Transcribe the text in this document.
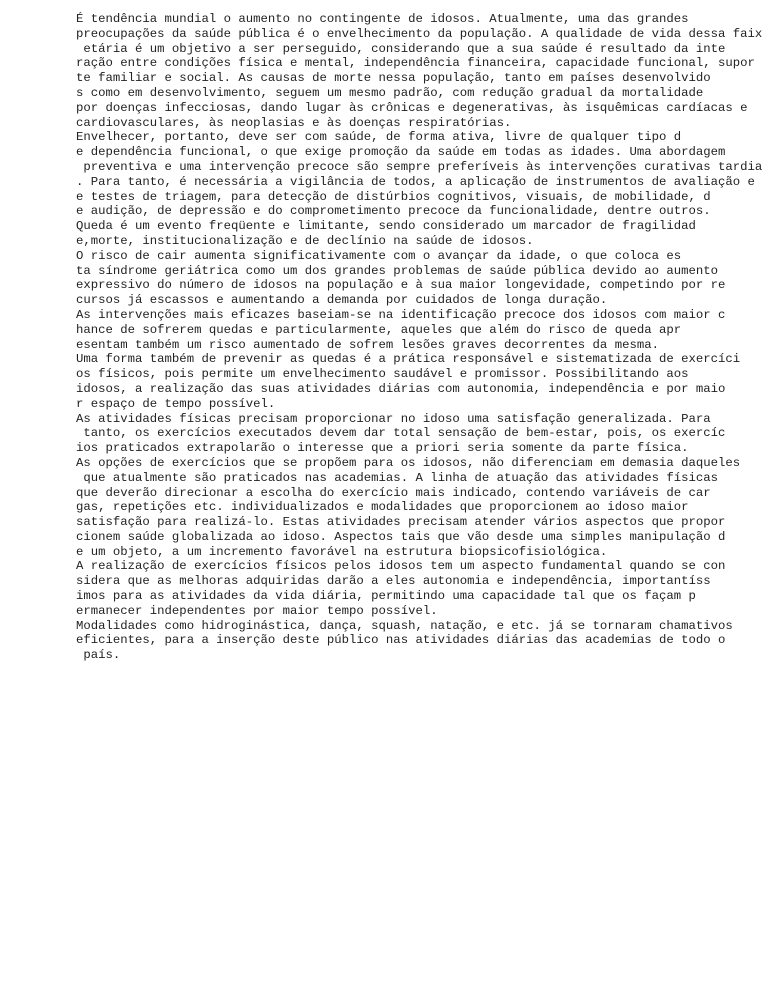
É tendência mundial o aumento no contingente de idosos. Atualmente, uma das grandes
preocupações da saúde pública é o envelhecimento da população. A qualidade de vida dessa faix
etária é um objetivo a ser perseguido, considerando que a sua saúde é resultado da inte
ração entre condições física e mental, independência financeira, capacidade funcional, supor
te familiar e social. As causas de morte nessa população, tanto em países desenvolvido
s como em desenvolvimento, seguem um mesmo padrão, com redução gradual da mortalidade
por doenças infecciosas, dando lugar às crônicas e degenerativas, às isquêmicas cardíacas e
cardiovasculares, às neoplasias e às doenças respiratórias.
Envelhecer, portanto, deve ser com saúde, de forma ativa, livre de qualquer tipo d
e dependência funcional, o que exige promoção da saúde em todas as idades. Uma abordagem
preventiva e uma intervenção precoce são sempre preferíveis às intervenções curativas tardia
. Para tanto, é necessária a vigilância de todos, a aplicação de instrumentos de avaliação e
e testes de triagem, para detecção de distúrbios cognitivos, visuais, de mobilidade, d
e audição, de depressão e do comprometimento precoce da funcionalidade, dentre outros.
Queda é um evento freqüente e limitante, sendo considerado um marcador de fragilidad
e,morte, institucionalização e de declínio na saúde de idosos.
O risco de cair aumenta significativamente com o avançar da idade, o que coloca es
ta síndrome geriátrica como um dos grandes problemas de saúde pública devido ao aumento
expressivo do número de idosos na população e à sua maior longevidade, competindo por re
cursos já escassos e aumentando a demanda por cuidados de longa duração.
As intervenções mais eficazes baseiam-se na identificação precoce dos idosos com maior c
hance de sofrerem quedas e particularmente, aqueles que além do risco de queda apr
esentam também um risco aumentado de sofrem lesões graves decorrentes da mesma.
Uma forma também de prevenir as quedas é a prática responsável e sistematizada de exercíci
os físicos, pois permite um envelhecimento saudável e promissor. Possibilitando aos
idosos, a realização das suas atividades diárias com autonomia, independência e por maio
r espaço de tempo possível.
As atividades físicas precisam proporcionar no idoso uma satisfação generalizada. Para
tanto, os exercícios executados devem dar total sensação de bem-estar, pois, os exercíc
ios praticados extrapolarão o interesse que a priori seria somente da parte física.
As opções de exercícios que se propõem para os idosos, não diferenciam em demasia daqueles
que atualmente são praticados nas academias. A linha de atuação das atividades físicas
que deverão direcionar a escolha do exercício mais indicado, contendo variáveis de car
gas, repetições etc. individualizados e modalidades que proporcionem ao idoso maior
satisfação para realizá-lo. Estas atividades precisam atender vários aspectos que propor
cionem saúde globalizada ao idoso. Aspectos tais que vão desde uma simples manipulação d
e um objeto, a um incremento favorável na estrutura biopsicofisiológica.
A realização de exercícios físicos pelos idosos tem um aspecto fundamental quando se con
sidera que as melhoras adquiridas darão a eles autonomia e independência, importantíss
imos para as atividades da vida diária, permitindo uma capacidade tal que os façam p
ermanecer independentes por maior tempo possível.
Modalidades como hidroginástica, dança, squash, natação, e etc. já se tornaram chamativos
eficientes, para a inserção deste público nas atividades diárias das academias de todo o
país.
